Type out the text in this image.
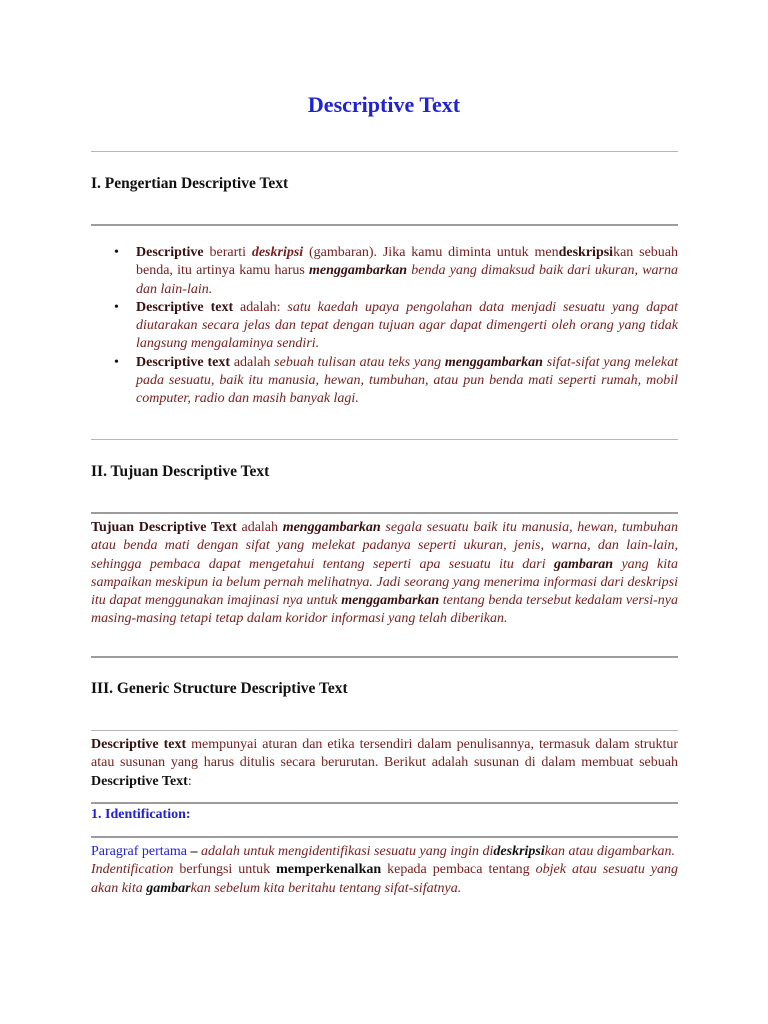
Descriptive Text
I. Pengertian Descriptive Text
• Descriptive berarti deskripsi (gambaran). Jika kamu diminta untuk mendeskripsikan sebuah benda, itu artinya kamu harus menggambarkan benda yang dimaksud baik dari ukuran, warna dan lain-lain.
• Descriptive text adalah: satu kaedah upaya pengolahan data menjadi sesuatu yang dapat diutarakan secara jelas dan tepat dengan tujuan agar dapat dimengerti oleh orang yang tidak langsung mengalaminya sendiri.
• Descriptive text adalah sebuah tulisan atau teks yang menggambarkan sifat-sifat yang melekat pada sesuatu, baik itu manusia, hewan, tumbuhan, atau pun benda mati seperti rumah, mobil computer, radio dan masih banyak lagi.
II. Tujuan Descriptive Text

Tujuan Descriptive Text adalah menggambarkan segala sesuatu baik itu manusia, hewan, tumbuhan atau benda mati dengan sifat yang melekat padanya seperti ukuran, jenis, warna, dan lain-lain, sehingga pembaca dapat mengetahui tentang seperti apa sesuatu itu dari gambaran yang kita sampaikan meskipun ia belum pernah melihatnya. Jadi seorang yang menerima informasi dari deskripsi itu dapat menggunakan imajinasi nya untuk menggambarkan tentang benda tersebut kedalam versi-nya masing-masing tetapi tetap dalam koridor informasi yang telah diberikan.

III. Generic Structure Descriptive Text

Descriptive text mempunyai aturan dan etika tersendiri dalam penulisannya, termasuk dalam struktur atau susunan yang harus ditulis secara berurutan. Berikut adalah susunan di dalam membuat sebuah Descriptive Text:

1. Identification:

Paragraf pertama – adalah untuk mengidentifikasi sesuatu yang ingin dideskripsikan atau digambarkan.
Indentification berfungsi untuk memperkenalkan kepada pembaca tentang objek atau sesuatu yang akan kita gambarkan sebelum kita beritahu tentang sifat-sifatnya.
